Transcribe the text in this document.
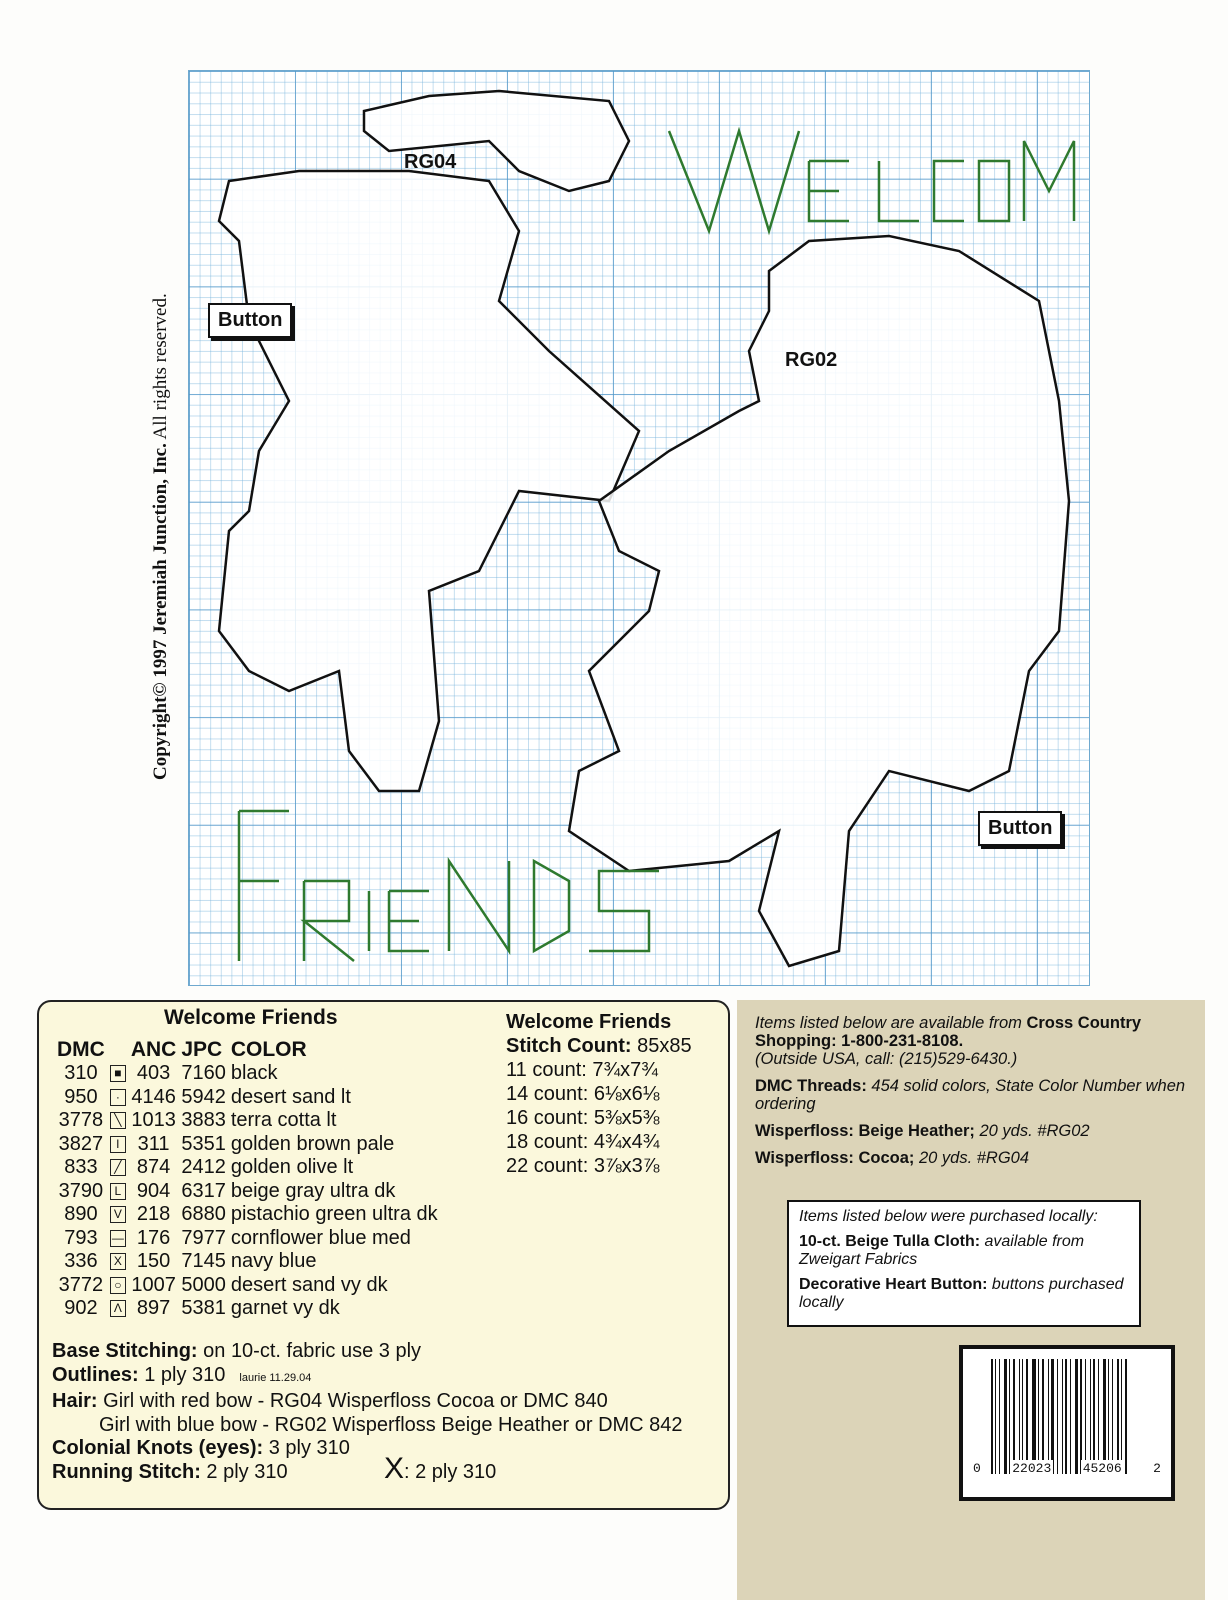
Copyright© 1997 Jeremiah Junction, Inc. All rights reserved.
RG04
RG02
Button
Button
Welcome Friends
DMC		ANC	JPC	COLOR
310	■	403	7160	black
950	·	4146	5942	desert sand lt
3778	╲	1013	3883	terra cotta lt
3827	I	311	5351	golden brown pale
833	╱	874	2412	golden olive lt
3790	L	904	6317	beige gray ultra dk
890	V	218	6880	pistachio green ultra dk
793	—	176	7977	cornflower blue med
336	X	150	7145	navy blue
3772	○	1007	5000	desert sand vy dk
902	Λ	897	5381	garnet vy dk
Welcome Friends
Stitch Count: 85x85
11 count: 7¾x7¾
14 count: 6⅛x6⅛
16 count: 5⅜x5⅜
18 count: 4¾x4¾
22 count: 3⅞x3⅞
Base Stitching: on 10-ct. fabric use 3 ply
Outlines: 1 ply 310 laurie 11.29.04
Hair: Girl with red bow - RG04 Wisperfloss Cocoa or DMC 840
Girl with blue bow - RG02 Wisperfloss Beige Heather or DMC 842
Colonial Knots (eyes): 3 ply 310
Running Stitch: 2 ply 310	X: 2 ply 310

Items listed below are available from Cross Country Shopping: 1-800-231-8108.
(Outside USA, call: (215)529-6430.)

DMC Threads: 454 solid colors, State Color Number when ordering

Wisperfloss: Beige Heather; 20 yds. #RG02

Wisperfloss: Cocoa; 20 yds. #RG04

Items listed below were purchased locally:

10-ct. Beige Tulla Cloth: available from Zweigart Fabrics

Decorative Heart Button: buttons purchased locally

0 22023 45206 2
